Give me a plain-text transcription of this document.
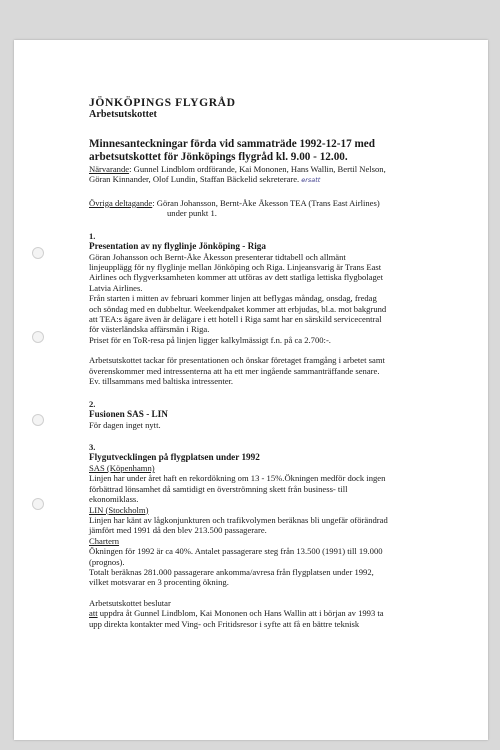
JÖNKÖPINGS FLYGRÅD
Arbetsutskottet
Minnesanteckningar förda vid sammaträde 1992-12-17 med
arbetsutskottet för Jönköpings flygråd kl. 9.00 - 12.00.
Närvarande: Gunnel Lindblom ordförande, Kai Mononen, Hans Wallin, Bertil Nelson,
Göran Kinnander, Olof Lundin, Staffan Bäckelid sekreterare. ersatt
Övriga deltagande: Göran Johansson, Bernt-Åke Åkesson TEA (Trans East Airlines)
under punkt 1.
1.
Presentation av ny flyglinje Jönköping - Riga
Göran Johansson och Bernt-Åke Åkesson presenterar tidtabell och allmänt
linjeupplägg för ny flyglinje mellan Jönköping och Riga. Linjeansvarig är Trans East
Airlines och flygverksamheten kommer att utföras av dett statliga lettiska flygbolaget
Latvia Airlines.
Från starten i mitten av februari kommer linjen att beflygas måndag, onsdag, fredag
och söndag med en dubbeltur. Weekendpaket kommer att erbjudas, bl.a. mot bakgrund
att TEA:s ägare även är delägare i ett hotell i Riga samt har en särskild servicecentral
för västerländska affärsmän i Riga.
Priset för en ToR-resa på linjen ligger kalkylmässigt f.n. på ca 2.700:-.
Arbetsutskottet tackar för presentationen och önskar företaget framgång i arbetet samt
överenskommer med intressenterna att ha ett mer ingående sammanträffande senare.
Ev. tillsammans med baltiska intressenter.
2.
Fusionen SAS - LIN
För dagen inget nytt.
3.
Flygutvecklingen på flygplatsen under 1992
SAS (Köpenhamn)
Linjen har under året haft en rekordökning om 13 - 15%.Ökningen medför dock ingen
förbättrad lönsamhet då samtidigt en överströmning skett från business- till
ekonomiklass.
LIN (Stockholm)
Linjen har känt av lågkonjunkturen och trafikvolymen beräknas bli ungefär oförändrad
jämfört med 1991 då den blev 213.500 passagerare.
Chartern
Ökningen för 1992 är ca 40%. Antalet passagerare steg från 13.500 (1991) till 19.000
(prognos).
Totalt beräknas 281.000 passagerare ankomma/avresa från flygplatsen under 1992,
vilket motsvarar en 3 procenting ökning.
Arbetsutskottet beslutar
att uppdra åt Gunnel Lindblom, Kai Mononen och Hans Wallin att i början av 1993 ta
upp direkta kontakter med Ving- och Fritidsresor i syfte att få en bättre teknisk
